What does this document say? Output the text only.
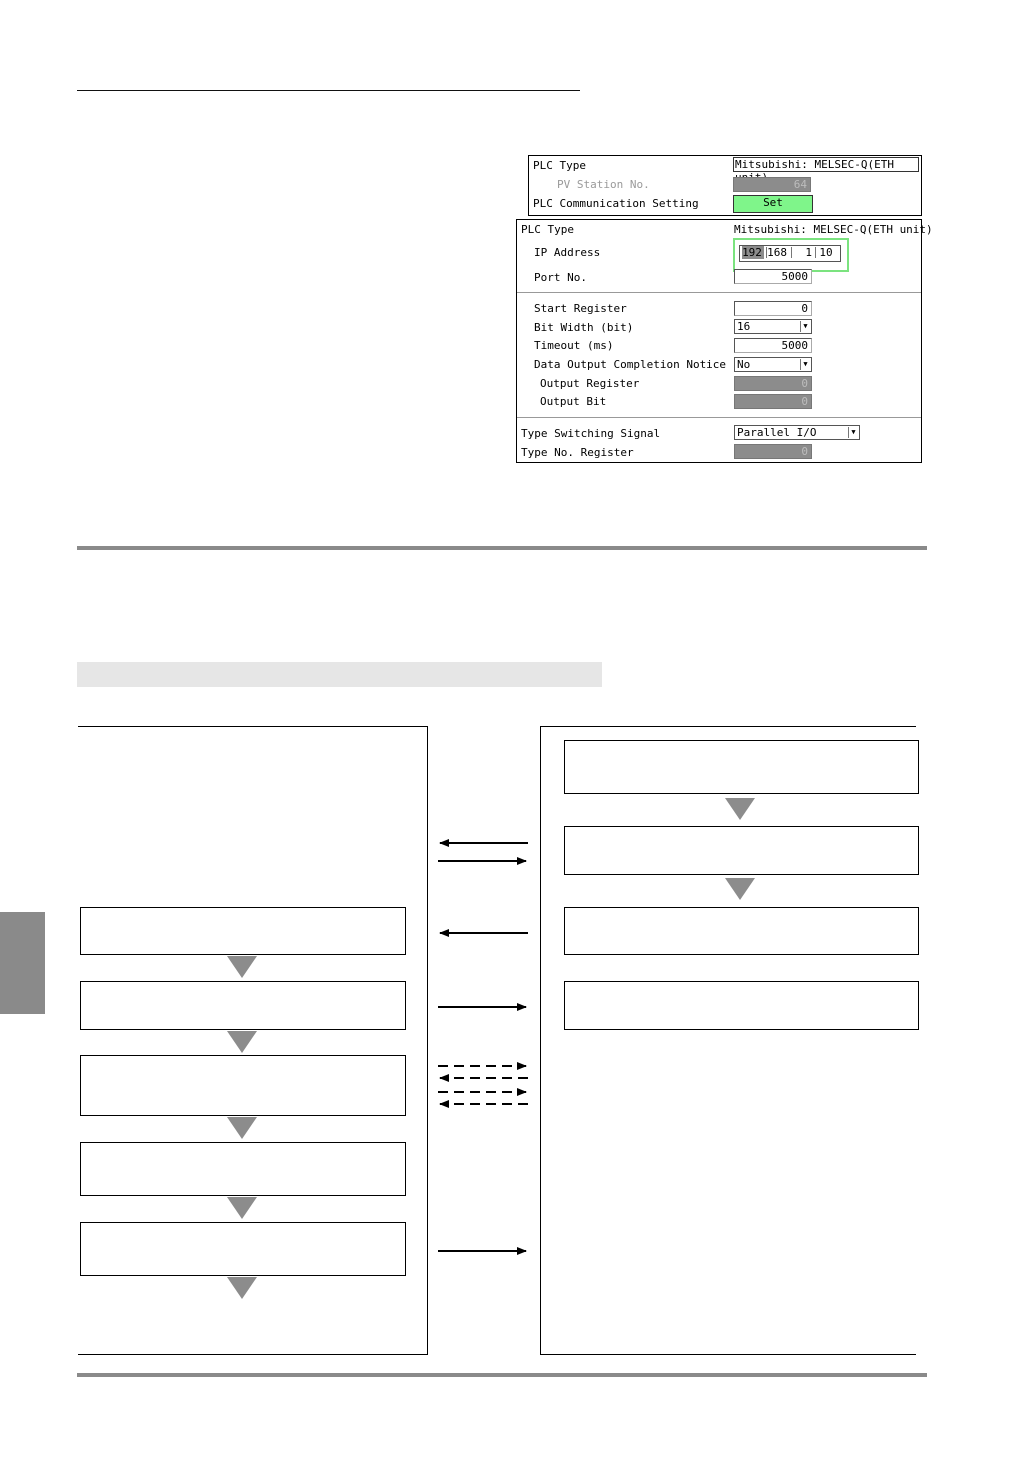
PLC Type	Mitsubishi: MELSEC-Q(ETH
PV Station No.	64
PLC Communication Setting	Set
PLC Type	Mitsubishi: MELSEC-Q(ETH unit)
IP Address	192 168	1 10
Port No.	5000
Start Register	0
Bit Width (bit)	16	▼
Timeout (ms)	5000
Data Output Completion Notice No	▼
Output Register	0
Output Bit	0
Type Switching Signal	Parallel I/O	▼
Type No. Register	0
